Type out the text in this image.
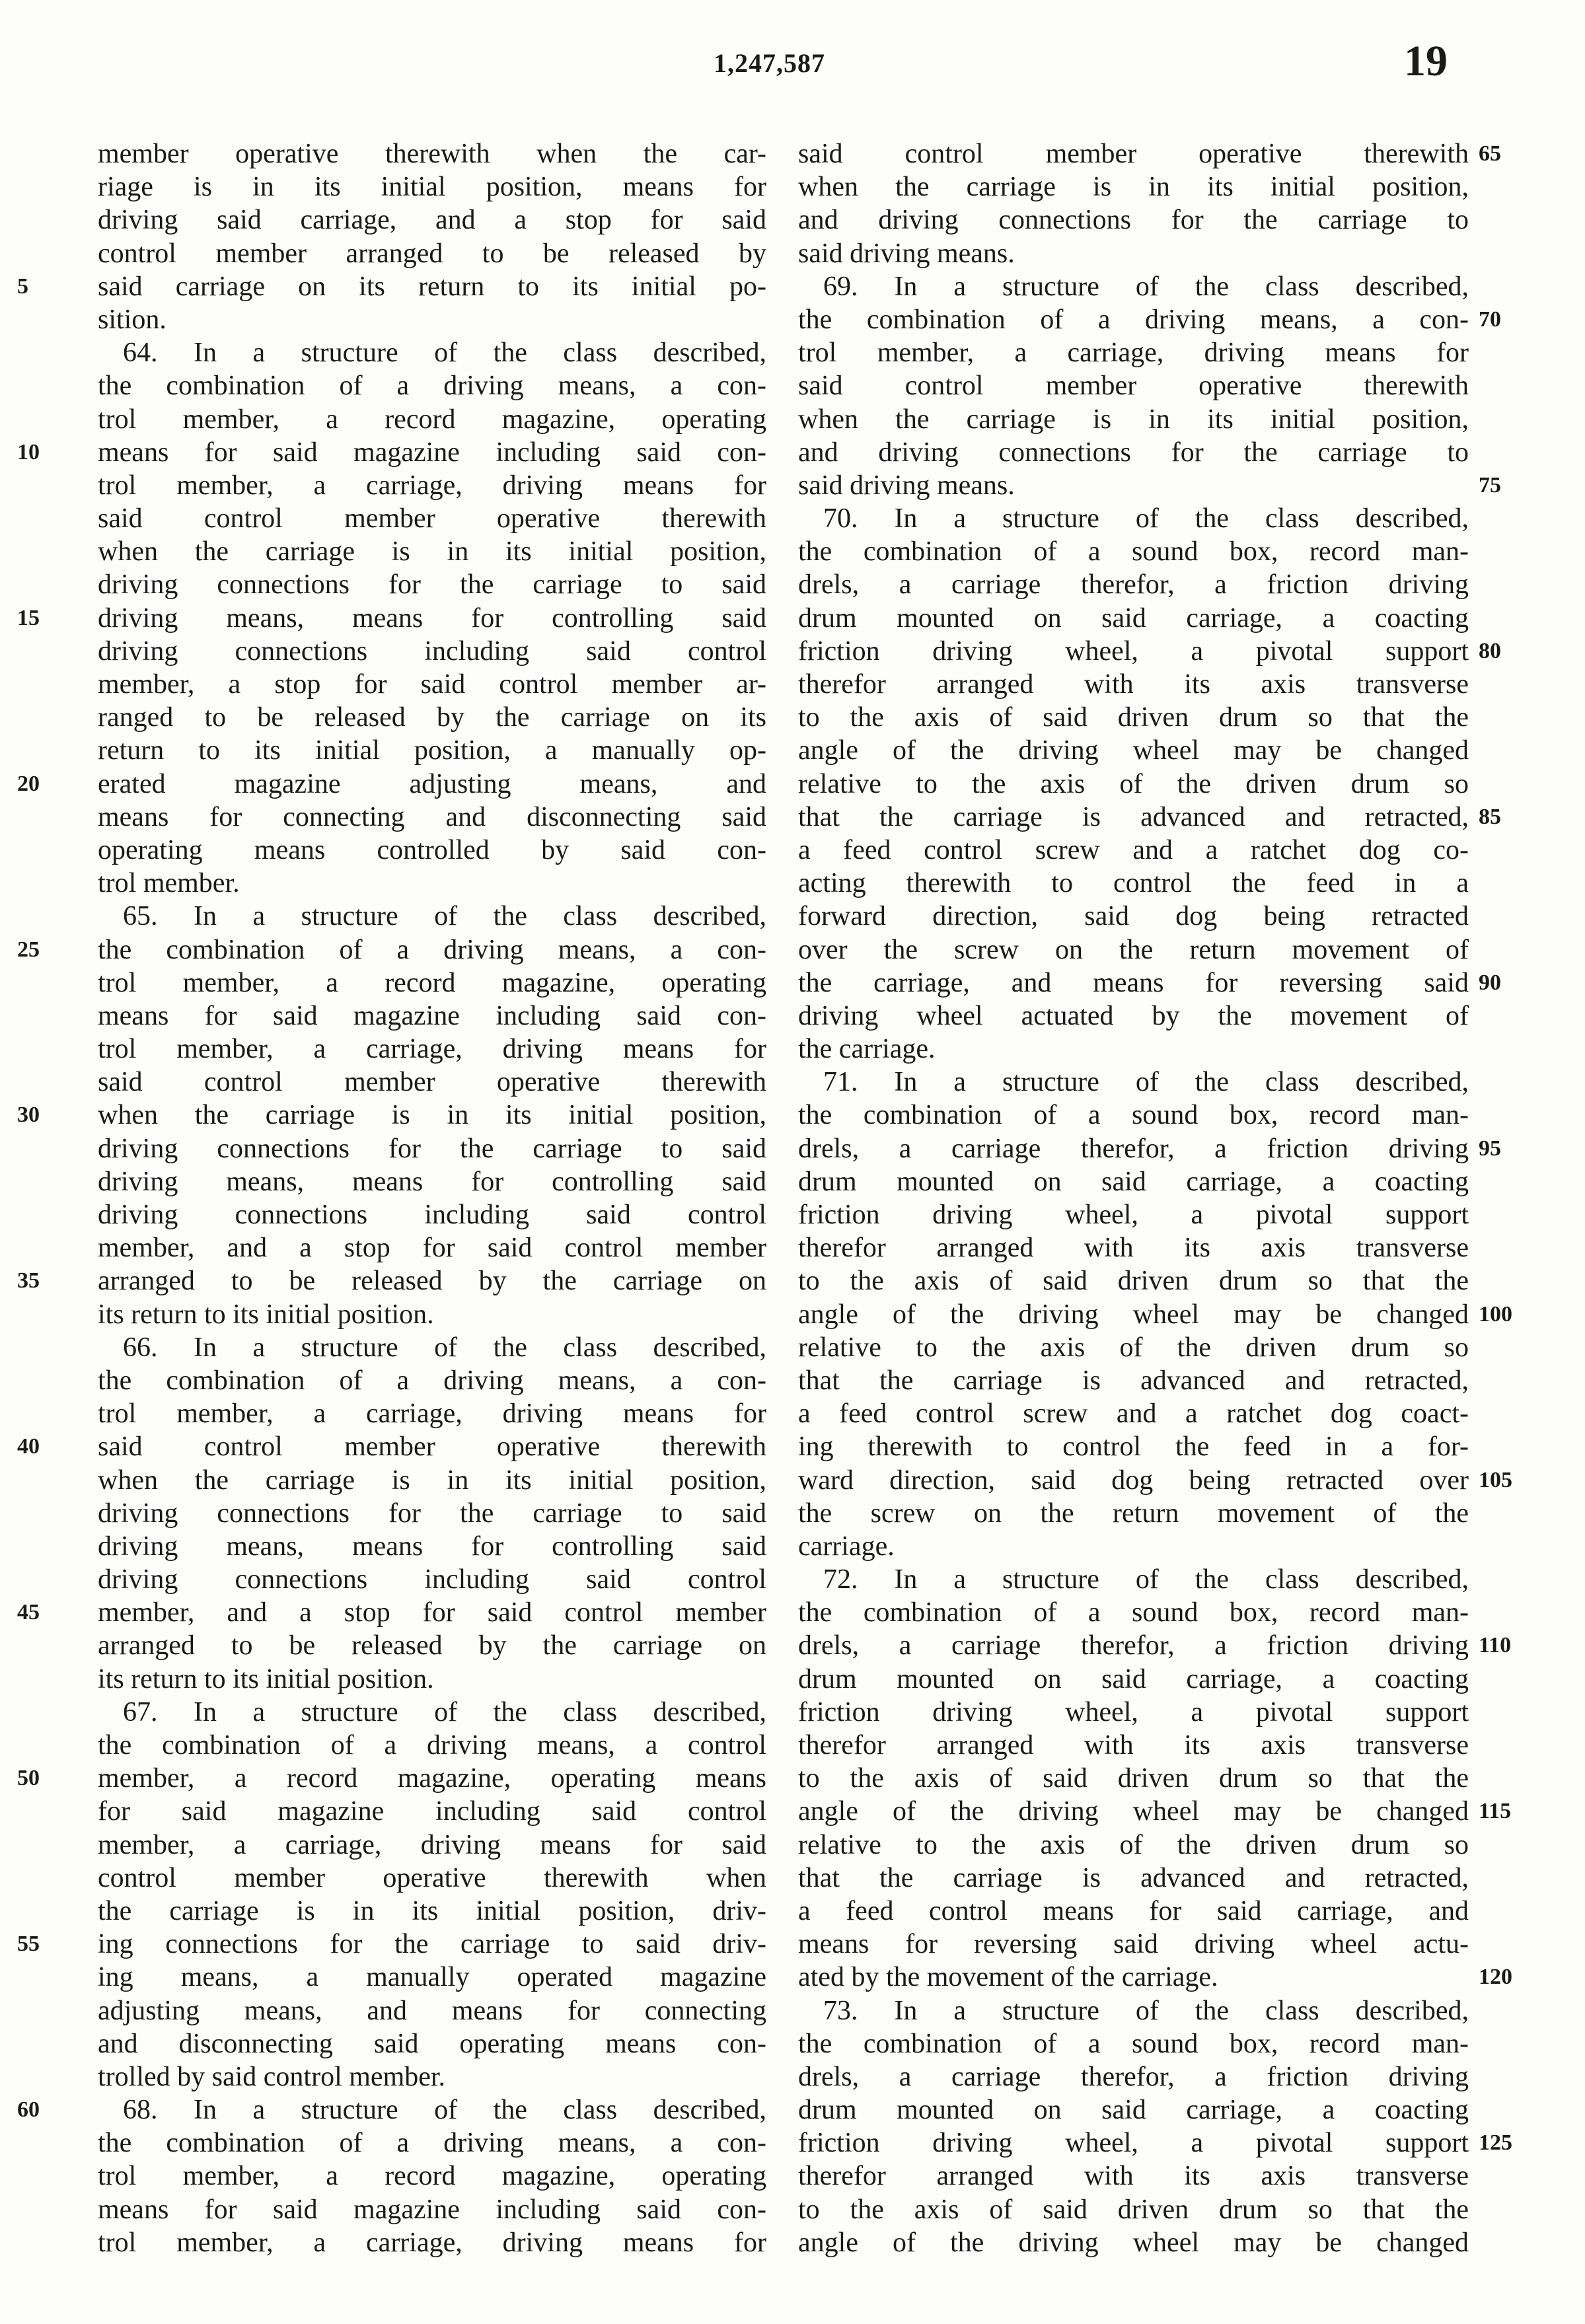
1,247,587	19
member operative therewith when the car-
riage is in its initial position, means for
driving said carriage, and a stop for said
control member arranged to be released by
said carriage on its return to its initial po-
5
sition.
64. In a structure of the class described,
the combination of a driving means, a con-
trol member, a record magazine, operating
means for said magazine including said con-
10
trol member, a carriage, driving means for
said control member operative therewith
when the carriage is in its initial position,
driving connections for the carriage to said
driving means, means for controlling said
15
driving connections including said control
member, a stop for said control member ar-
ranged to be released by the carriage on its
return to its initial position, a manually op-
erated magazine adjusting means, and
20
means for connecting and disconnecting said
operating means controlled by said con-
trol member.
65. In a structure of the class described,
the combination of a driving means, a con-
25
trol member, a record magazine, operating
means for said magazine including said con-
trol member, a carriage, driving means for
said control member operative therewith
when the carriage is in its initial position,
30
driving connections for the carriage to said
driving means, means for controlling said
driving connections including said control
member, and a stop for said control member
arranged to be released by the carriage on
35
its return to its initial position.
66. In a structure of the class described,
the combination of a driving means, a con-
trol member, a carriage, driving means for
said control member operative therewith
40
when the carriage is in its initial position,
driving connections for the carriage to said
driving means, means for controlling said
driving connections including said control
member, and a stop for said control member
45
arranged to be released by the carriage on
its return to its initial position.
67. In a structure of the class described,
the combination of a driving means, a control
member, a record magazine, operating means
50
for said magazine including said control
member, a carriage, driving means for said
control member operative therewith when
the carriage is in its initial position, driv-
ing connections for the carriage to said driv-
55
ing means, a manually operated magazine
adjusting means, and means for connecting
and disconnecting said operating means con-
trolled by said control member.
68. In a structure of the class described,
60
the combination of a driving means, a con-
trol member, a record magazine, operating
means for said magazine including said con-
trol member, a carriage, driving means for
said control member operative therewith 65
when the carriage is in its initial position,
and driving connections for the carriage to
said driving means.
69. In a structure of the class described,
the combination of a driving means, a con- 70
trol member, a carriage, driving means for
said control member operative therewith
when the carriage is in its initial position,
and driving connections for the carriage to
said driving means.	75
70. In a structure of the class described,
the combination of a sound box, record man-
drels, a carriage therefor, a friction driving
drum mounted on said carriage, a coacting
friction driving wheel, a pivotal support 80
therefor arranged with its axis transverse
to the axis of said driven drum so that the
angle of the driving wheel may be changed
relative to the axis of the driven drum so
that the carriage is advanced and retracted, 85
a feed control screw and a ratchet dog co-
acting therewith to control the feed in a
forward direction, said dog being retracted
over the screw on the return movement of
the carriage, and means for reversing said 90
driving wheel actuated by the movement of
the carriage.
71. In a structure of the class described,
the combination of a sound box, record man-
drels, a carriage therefor, a friction driving 95
drum mounted on said carriage, a coacting
friction driving wheel, a pivotal support
therefor arranged with its axis transverse
to the axis of said driven drum so that the
angle of the driving wheel may be changed 100
relative to the axis of the driven drum so
that the carriage is advanced and retracted,
a feed control screw and a ratchet dog coact-
ing therewith to control the feed in a for-
ward direction, said dog being retracted over 105
the screw on the return movement of the
carriage.
72. In a structure of the class described,
the combination of a sound box, record man-
drels, a carriage therefor, a friction driving 110
drum mounted on said carriage, a coacting
friction driving wheel, a pivotal support
therefor arranged with its axis transverse
to the axis of said driven drum so that the
angle of the driving wheel may be changed 115
relative to the axis of the driven drum so
that the carriage is advanced and retracted,
a feed control means for said carriage, and
means for reversing said driving wheel actu-
ated by the movement of the carriage.	120
73. In a structure of the class described,
the combination of a sound box, record man-
drels, a carriage therefor, a friction driving
drum mounted on said carriage, a coacting
friction driving wheel, a pivotal support 125
therefor arranged with its axis transverse
to the axis of said driven drum so that the
angle of the driving wheel may be changed
